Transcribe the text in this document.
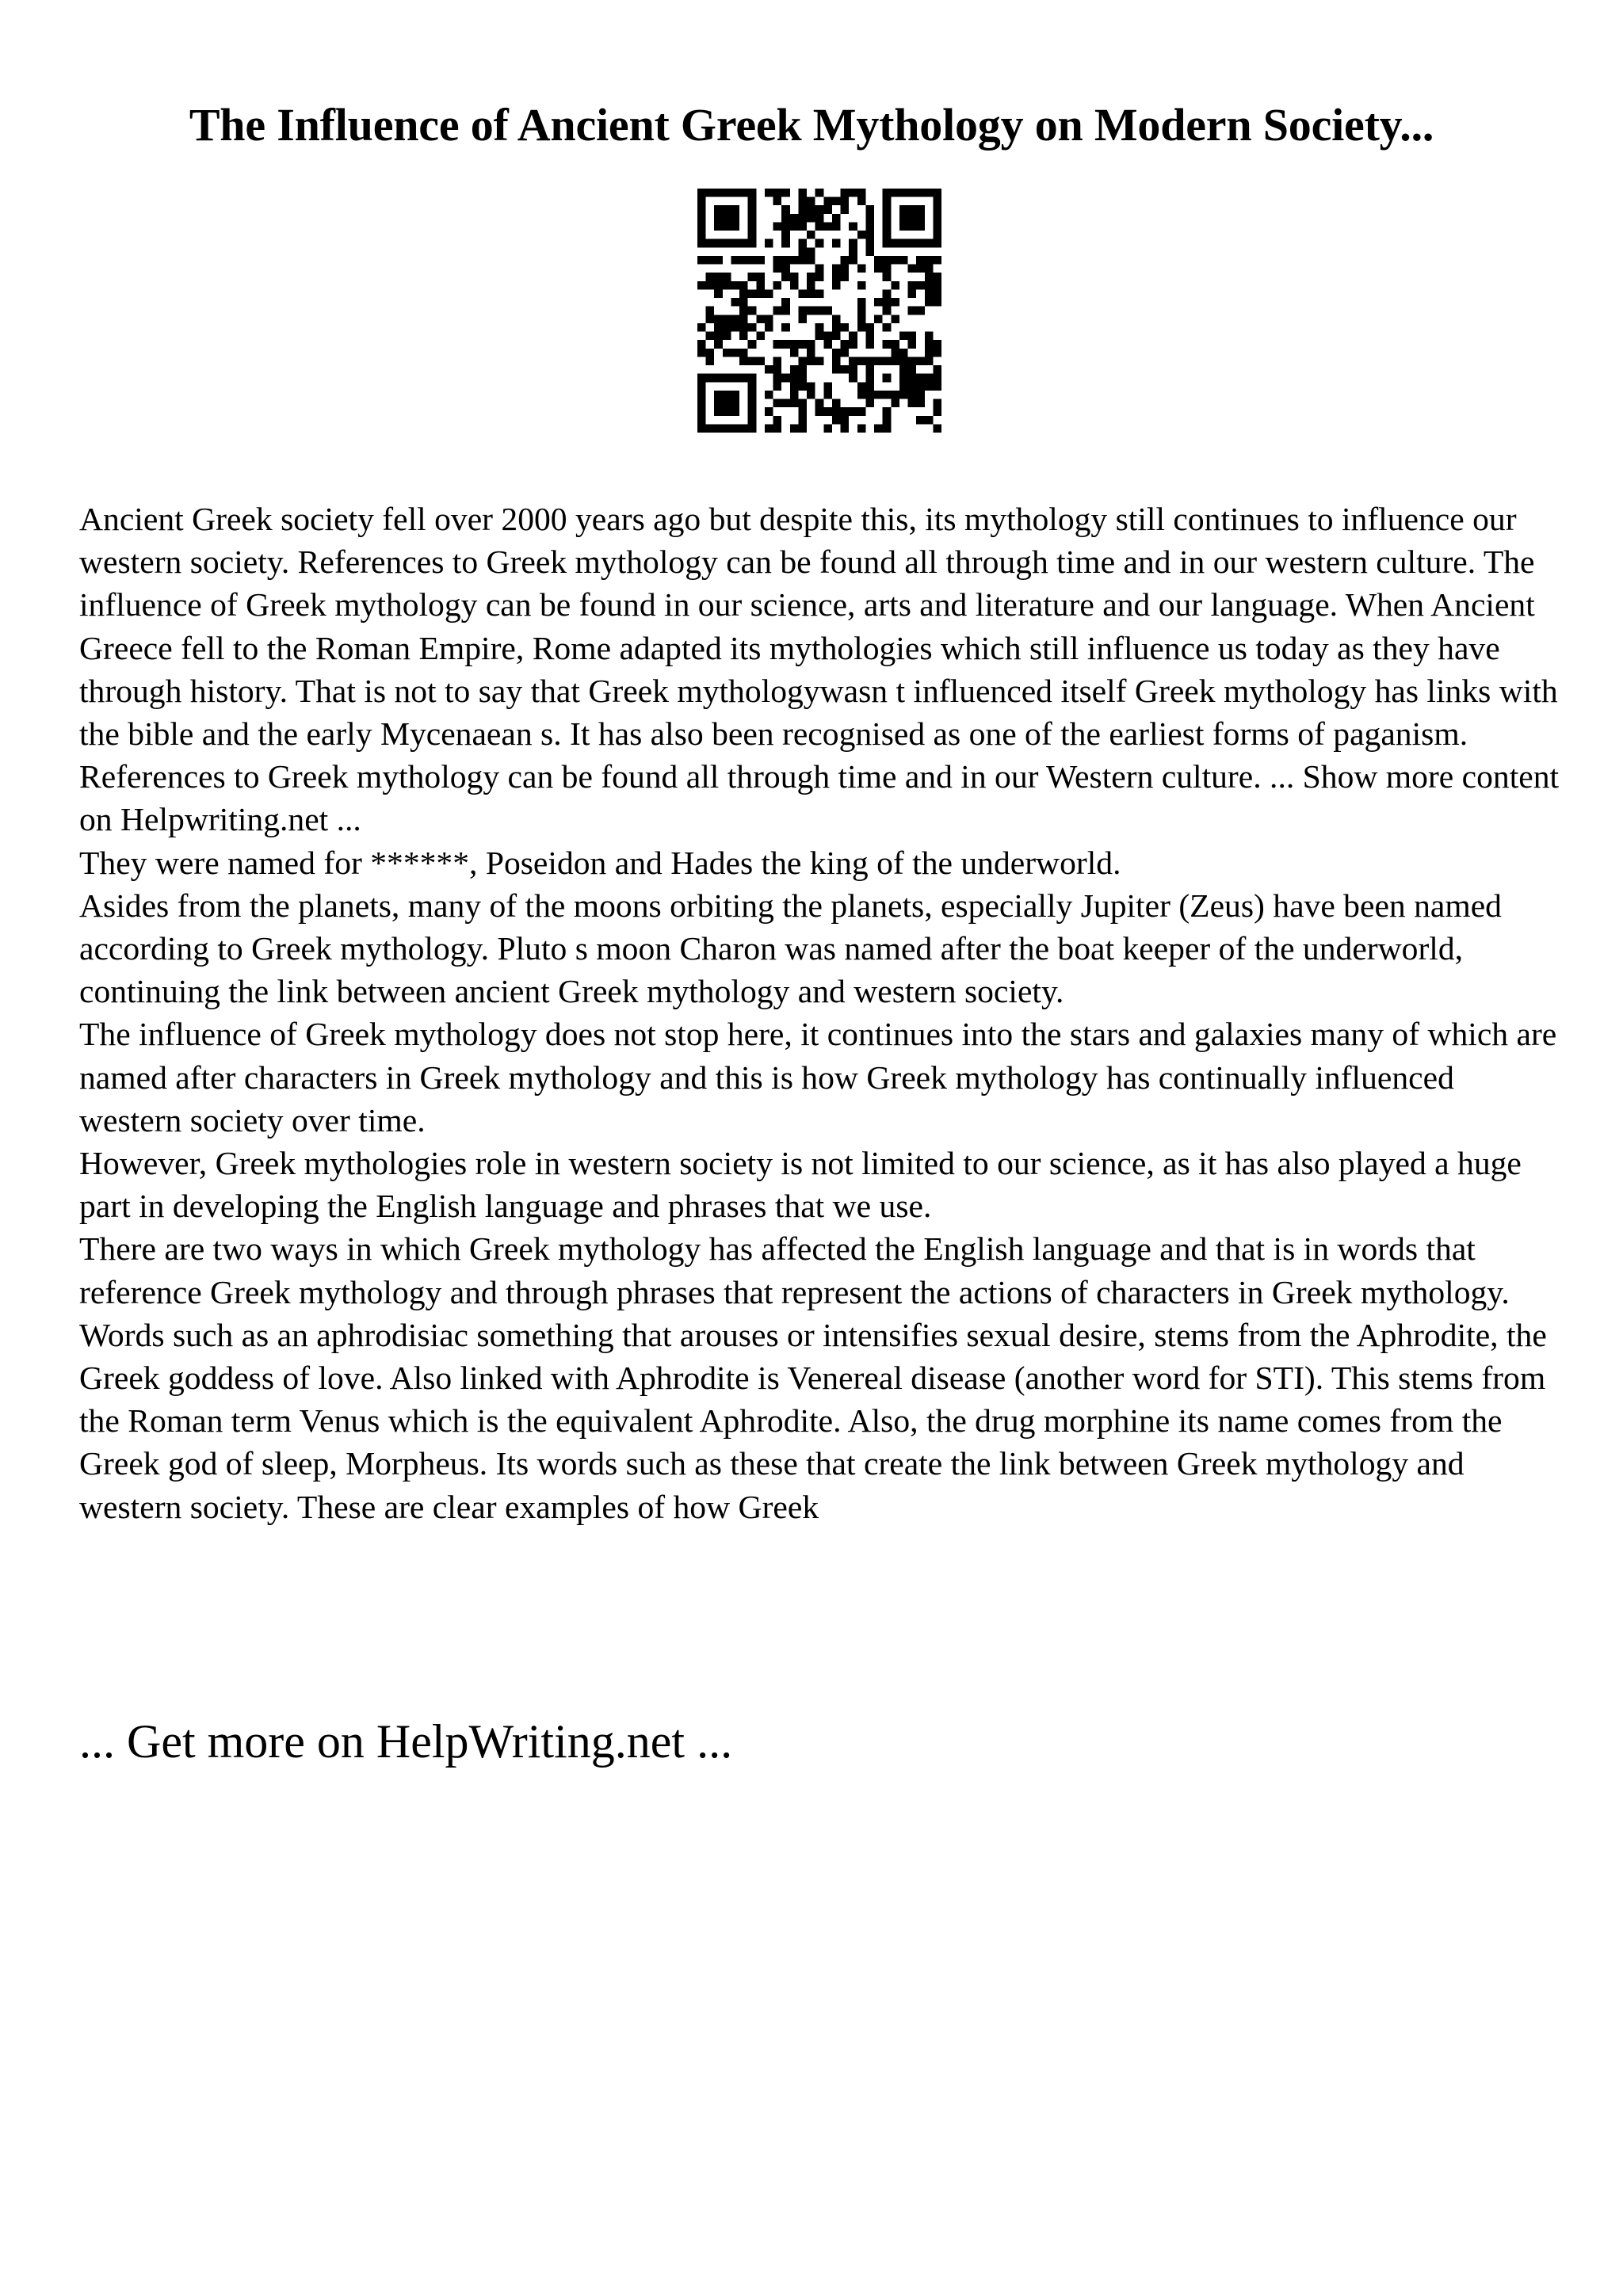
The Influence of Ancient Greek Mythology on Modern Society...

Ancient Greek society fell over 2000 years ago but despite this, its mythology still continues to influence our western society. References to Greek mythology can be found all through time and in our western culture. The influence of Greek mythology can be found in our science, arts and literature and our language. When Ancient Greece fell to the Roman Empire, Rome adapted its mythologies which still influence us today as they have through history. That is not to say that Greek mythologywasn t influenced itself Greek mythology has links with the bible and the early Mycenaean s. It has also been recognised as one of the earliest forms of paganism.

References to Greek mythology can be found all through time and in our Western culture. ... Show more content on Helpwriting.net ...

They were named for ******, Poseidon and Hades the king of the underworld.

Asides from the planets, many of the moons orbiting the planets, especially Jupiter (Zeus) have been named according to Greek mythology. Pluto s moon Charon was named after the boat keeper of the underworld, continuing the link between ancient Greek mythology and western society.

The influence of Greek mythology does not stop here, it continues into the stars and galaxies many of which are named after characters in Greek mythology and this is how Greek mythology has continually influenced western society over time.

However, Greek mythologies role in western society is not limited to our science, as it has also played a huge part in developing the English language and phrases that we use.

There are two ways in which Greek mythology has affected the English language and that is in words that reference Greek mythology and through phrases that represent the actions of characters in Greek mythology.

Words such as an aphrodisiac something that arouses or intensifies sexual desire, stems from the Aphrodite, the Greek goddess of love. Also linked with Aphrodite is Venereal disease (another word for STI). This stems from the Roman term Venus which is the equivalent Aphrodite. Also, the drug morphine its name comes from the Greek god of sleep, Morpheus. Its words such as these that create the link between Greek mythology and western society. These are clear examples of how Greek

... Get more on HelpWriting.net ...
